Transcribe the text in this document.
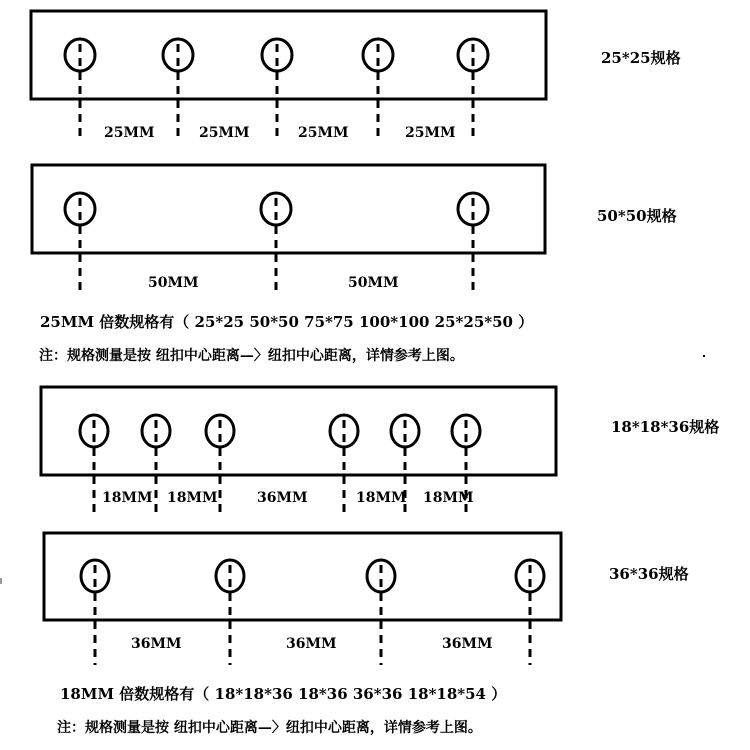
25*25规格
50*50规格
18*18*36规格
36*36规格
25MM	25MM	25MM	25MM
50MM	50MM
25MM 倍数规格有（ 25*25 50*50 75*75 100*100 25*25*50 ）
注：规格测量是按 纽扣中心距离—〉纽扣中心距离，详情参考上图。
18MM 18MM	36MM	18MM 18MM
36MM	36MM	36MM
18MM 倍数规格有（ 18*18*36 18*36 36*36 18*18*54 ）
注：规格测量是按 纽扣中心距离—〉纽扣中心距离，详情参考上图。
